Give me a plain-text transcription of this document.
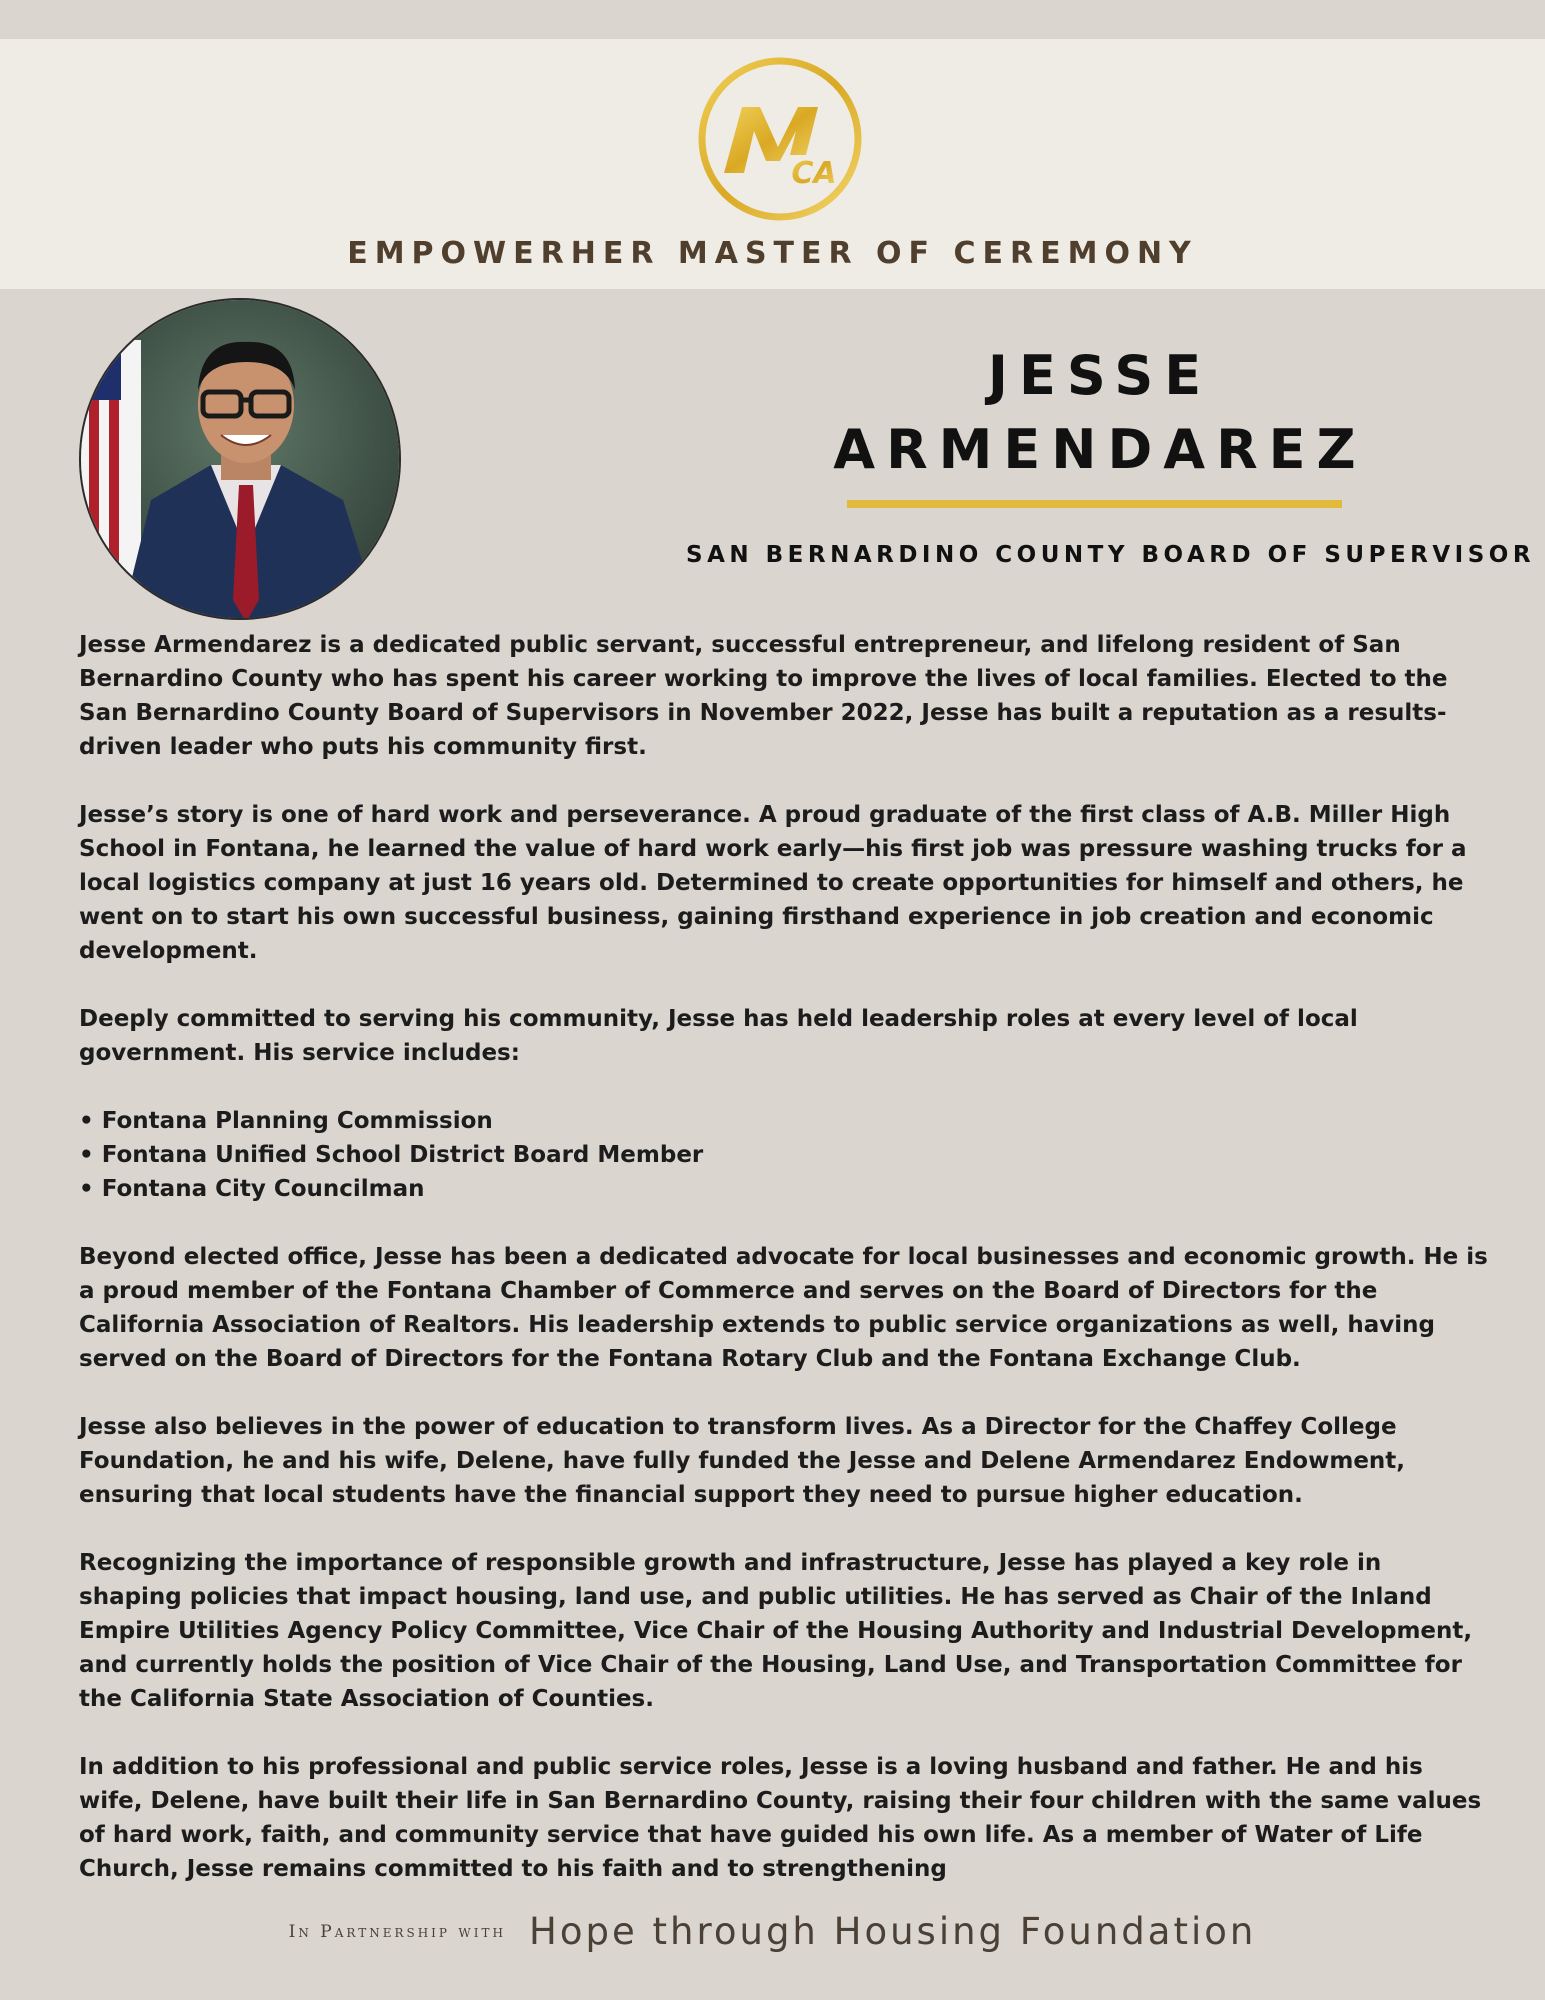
CA
EMPOWERHER MASTER OF CEREMONY
JESSE
ARMENDAREZ
SAN BERNARDINO COUNTY BOARD OF SUPERVISOR

Jesse Armendarez is a dedicated public servant, successful entrepreneur, and lifelong resident of San Bernardino County who has spent his career working to improve the lives of local families. Elected to the San Bernardino County Board of Supervisors in November 2022, Jesse has built a reputation as a results-driven leader who puts his community first.

Jesse’s story is one of hard work and perseverance. A proud graduate of the first class of A.B. Miller High School in Fontana, he learned the value of hard work early—his first job was pressure washing trucks for a local logistics company at just 16 years old. Determined to create opportunities for himself and others, he went on to start his own successful business, gaining firsthand experience in job creation and economic development.

Deeply committed to serving his community, Jesse has held leadership roles at every level of local government. His service includes:

• Fontana Planning Commission
• Fontana Unified School District Board Member
• Fontana City Councilman

Beyond elected office, Jesse has been a dedicated advocate for local businesses and economic growth. He is a proud member of the Fontana Chamber of Commerce and serves on the Board of Directors for the California Association of Realtors. His leadership extends to public service organizations as well, having served on the Board of Directors for the Fontana Rotary Club and the Fontana Exchange Club.

Jesse also believes in the power of education to transform lives. As a Director for the Chaffey College Foundation, he and his wife, Delene, have fully funded the Jesse and Delene Armendarez Endowment, ensuring that local students have the financial support they need to pursue higher education.

Recognizing the importance of responsible growth and infrastructure, Jesse has played a key role in shaping policies that impact housing, land use, and public utilities. He has served as Chair of the Inland Empire Utilities Agency Policy Committee, Vice Chair of the Housing Authority and Industrial Development, and currently holds the position of Vice Chair of the Housing, Land Use, and Transportation Committee for the California State Association of Counties.

In addition to his professional and public service roles, Jesse is a loving husband and father. He and his wife, Delene, have built their life in San Bernardino County, raising their four children with the same values of hard work, faith, and community service that have guided his own life. As a member of Water of Life Church, Jesse remains committed to his faith and to strengthening

In Partnership with Hope through Housing Foundation
